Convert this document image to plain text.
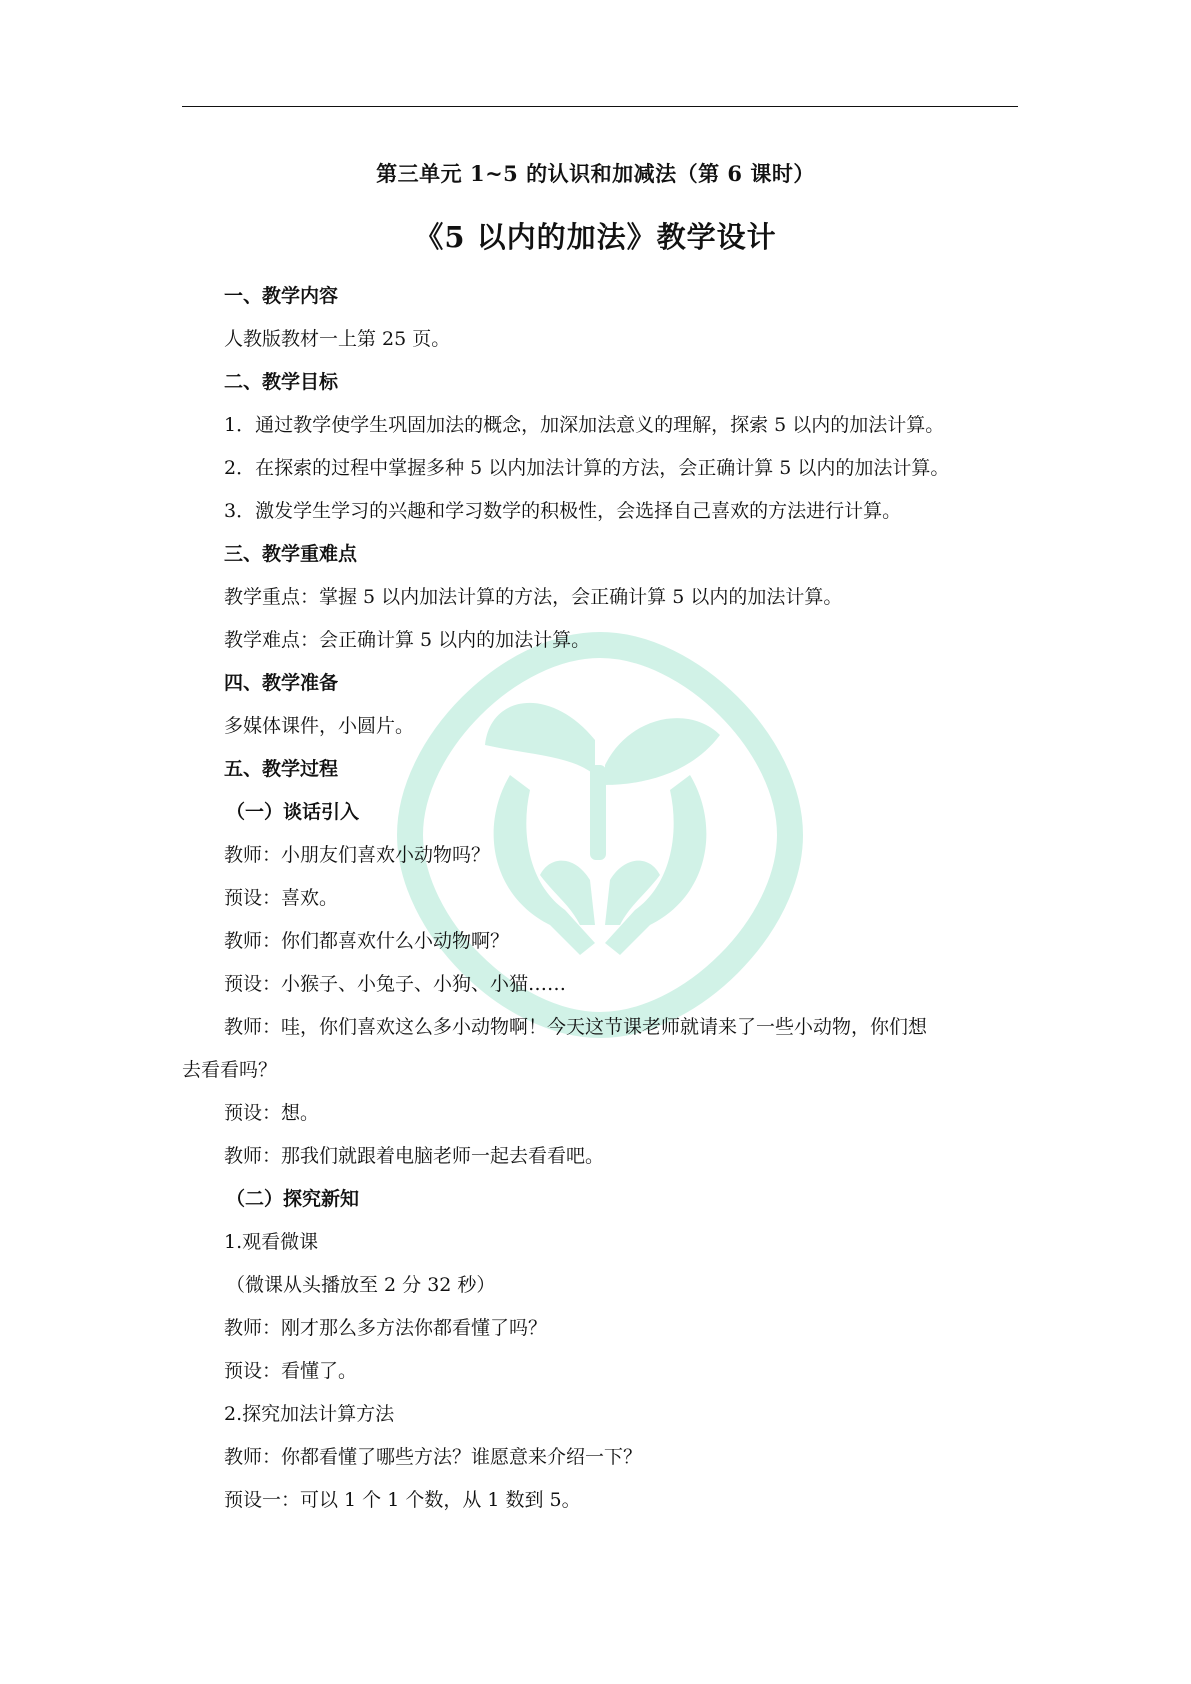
第三单元 1~5 的认识和加减法（第 6 课时）
《5 以内的加法》教学设计
一、教学内容
人教版教材一上第 25 页。
二、教学目标
1．通过教学使学生巩固加法的概念，加深加法意义的理解，探索 5 以内的加法计算。
2．在探索的过程中掌握多种 5 以内加法计算的方法，会正确计算 5 以内的加法计算。
3．激发学生学习的兴趣和学习数学的积极性，会选择自己喜欢的方法进行计算。
三、教学重难点
教学重点：掌握 5 以内加法计算的方法，会正确计算 5 以内的加法计算。
教学难点：会正确计算 5 以内的加法计算。
四、教学准备
多媒体课件，小圆片。
五、教学过程
（一）谈话引入
教师：小朋友们喜欢小动物吗？
预设：喜欢。
教师：你们都喜欢什么小动物啊？
预设：小猴子、小兔子、小狗、小猫……
教师：哇，你们喜欢这么多小动物啊！今天这节课老师就请来了一些小动物，你们想
去看看吗？
预设：想。
教师：那我们就跟着电脑老师一起去看看吧。
（二）探究新知
1.观看微课
（微课从头播放至 2 分 32 秒）
教师：刚才那么多方法你都看懂了吗？
预设：看懂了。
2.探究加法计算方法
教师：你都看懂了哪些方法？谁愿意来介绍一下？
预设一：可以 1 个 1 个数，从 1 数到 5。
